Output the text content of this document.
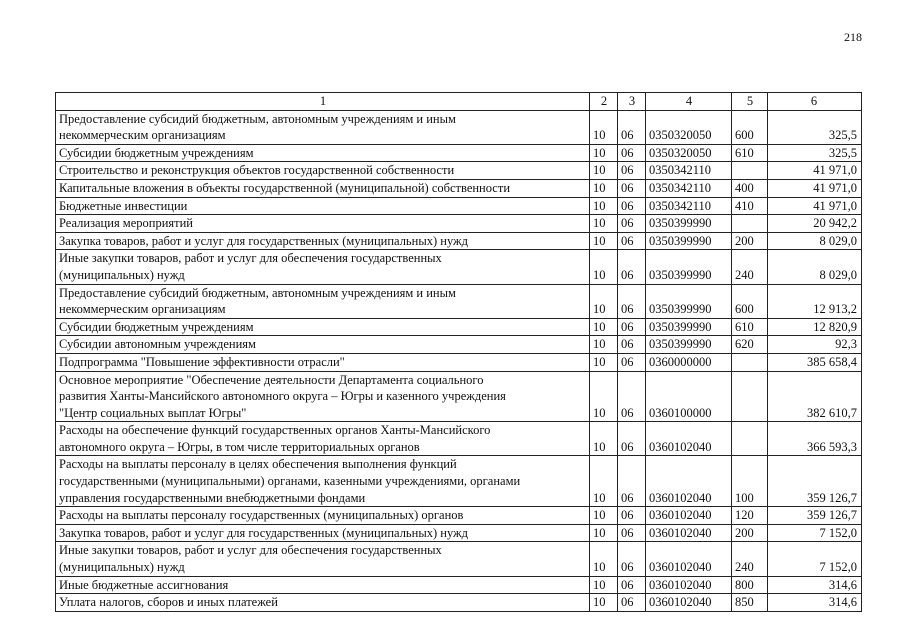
218
1	2	3	4	5	6

Предоставление субсидий бюджетным, автономным учреждениям и иным
некоммерческим организациям	10	06	0350320050	600	325,5

Субсидии бюджетным учреждениям	10	06	0350320050	610	325,5

Строительство и реконструкция объектов государственной собственности	10	06	0350342110		41 971,0

Капитальные вложения в объекты государственной (муниципальной) собственности	10	06	0350342110	400	41 971,0

Бюджетные инвестиции	10	06	0350342110	410	41 971,0

Реализация мероприятий	10	06	0350399990		20 942,2

Закупка товаров, работ и услуг для государственных (муниципальных) нужд	10	06	0350399990	200	8 029,0

Иные закупки товаров, работ и услуг для обеспечения государственных
(муниципальных) нужд	10	06	0350399990	240	8 029,0

Предоставление субсидий бюджетным, автономным учреждениям и иным
некоммерческим организациям	10	06	0350399990	600	12 913,2

Субсидии бюджетным учреждениям	10	06	0350399990	610	12 820,9

Субсидии автономным учреждениям	10	06	0350399990	620	92,3

Подпрограмма "Повышение эффективности отрасли"	10	06	0360000000		385 658,4

Основное мероприятие "Обеспечение деятельности Департамента социального
развития Ханты-Мансийского автономного округа – Югры и казенного учреждения
"Центр социальных выплат Югры"	10	06	0360100000		382 610,7

Расходы на обеспечение функций государственных органов Ханты-Мансийского
автономного округа – Югры, в том числе территориальных органов	10	06	0360102040		366 593,3

Расходы на выплаты персоналу в целях обеспечения выполнения функций
государственными (муниципальными) органами, казенными учреждениями, органами
управления государственными внебюджетными фондами	10	06	0360102040	100	359 126,7

Расходы на выплаты персоналу государственных (муниципальных) органов	10	06	0360102040	120	359 126,7

Закупка товаров, работ и услуг для государственных (муниципальных) нужд	10	06	0360102040	200	7 152,0

Иные закупки товаров, работ и услуг для обеспечения государственных
(муниципальных) нужд	10	06	0360102040	240	7 152,0

Иные бюджетные ассигнования	10	06	0360102040	800	314,6

Уплата налогов, сборов и иных платежей	10	06	0360102040	850	314,6
